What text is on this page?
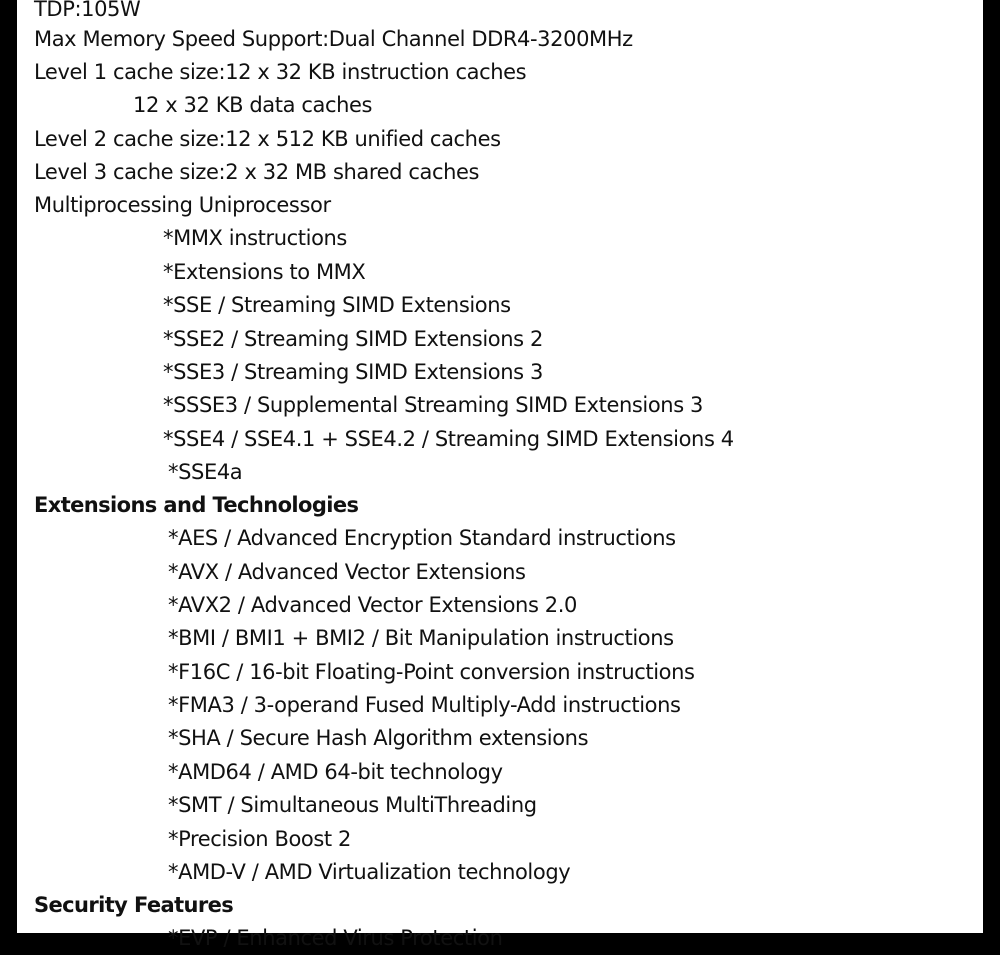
TDP:105W
Max Memory Speed Support:Dual Channel DDR4-3200MHz
Level 1 cache size:12 x 32 KB instruction caches
12 x 32 KB data caches
Level 2 cache size:12 x 512 KB unified caches
Level 3 cache size:2 x 32 MB shared caches
Multiprocessing Uniprocessor
*MMX instructions
*Extensions to MMX
*SSE / Streaming SIMD Extensions
*SSE2 / Streaming SIMD Extensions 2
*SSE3 / Streaming SIMD Extensions 3
*SSSE3 / Supplemental Streaming SIMD Extensions 3
*SSE4 / SSE4.1 + SSE4.2 / Streaming SIMD Extensions 4
*SSE4a
Extensions and Technologies
*AES / Advanced Encryption Standard instructions
*AVX / Advanced Vector Extensions
*AVX2 / Advanced Vector Extensions 2.0
*BMI / BMI1 + BMI2 / Bit Manipulation instructions
*F16C / 16-bit Floating-Point conversion instructions
*FMA3 / 3-operand Fused Multiply-Add instructions
*SHA / Secure Hash Algorithm extensions
*AMD64 / AMD 64-bit technology
*SMT / Simultaneous MultiThreading
*Precision Boost 2
*AMD-V / AMD Virtualization technology
Security Features
*EVP / Enhanced Virus Protection
